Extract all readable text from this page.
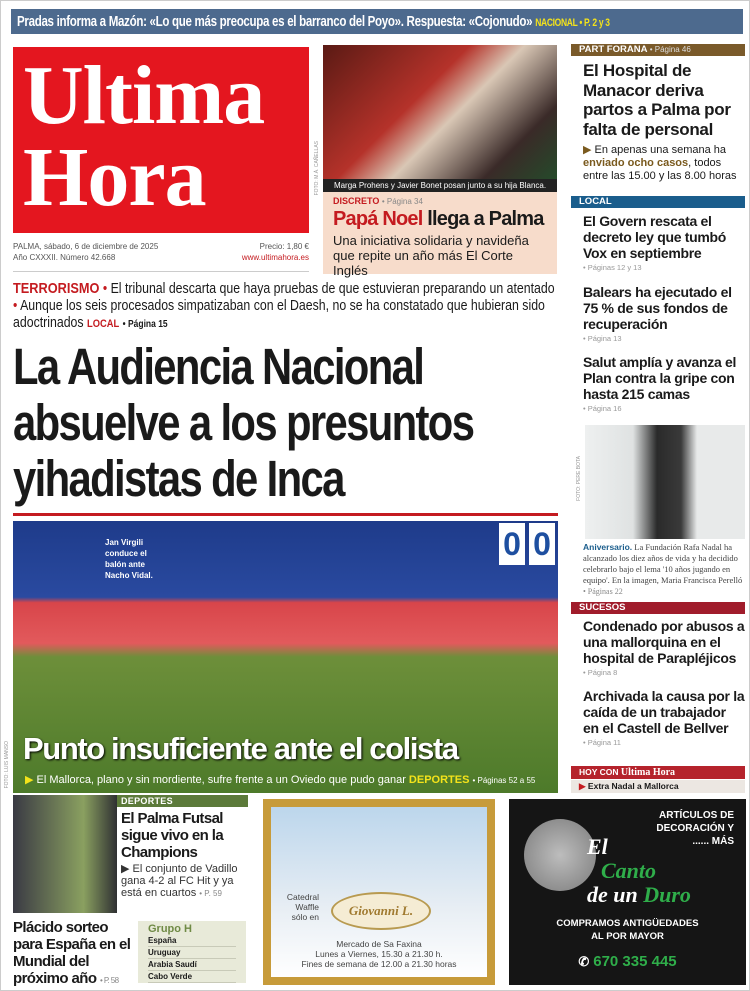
Pradas informa a Mazón: «Lo que más preocupa es el barranco del Poyo». Respuesta: «Cojonudo» NACIONAL • P. 2 y 3
Ultima
Hora
Precio: 1,80 €
PALMA, sábado, 6 de diciembre de 2025
www.ultimahora.es
Año CXXXII. Número 42.668
Marga Prohens y Javier Bonet posan junto a su hija Blanca.
FOTO: M.À. CAÑELLAS
DISCRETO • Página 34
Papá Noel llega a Palma
Una iniciativa solidaria y navideña que repite un año más El Corte Inglés
TERRORISMO • El tribunal descarta que haya pruebas de que estuvieran preparando un atentado • Aunque los seis procesados simpatizaban con el Daesh, no se ha constatado que hubieran sido adoctrinados LOCAL • Página 15
La Audiencia Nacional absuelve a los presuntos yihadistas de Inca
Jan Virgili conduce el balón ante Nacho Vidal.
0 0
Punto insuficiente ante el colista
▶ El Mallorca, plano y sin mordiente, sufre frente a un Oviedo que pudo ganar DEPORTES • Páginas 52 a 55
FOTO: LUIS MANSO
DEPORTES
El Palma Futsal sigue vivo en la Champions
▶ El conjunto de Vadillo gana 4-2 al FC Hit y ya está en cuartos • P. 59
Plácido sorteo para España en el Mundial del próximo año • P. 58
Grupo H
España
Uruguay
Arabia Saudí
Cabo Verde
Catedral
Waffle
sólo en	Giovanni L.
Mercado de Sa Faxina
Lunes a Viernes, 15.30 a 21.30 h.
Fines de semana de 12.00 a 21.30 horas
ARTÍCULOS DE
DECORACIÓN Y
...... MÁS
El
Canto
de un Duro
COMPRAMOS ANTIGÜEDADES
AL POR MAYOR
✆ 670 335 445
PART FORANA • Página 46
El Hospital de Manacor deriva partos a Palma por falta de personal
▶ En apenas una semana ha enviado ocho casos, todos entre las 15.00 y las 8.00 horas
LOCAL
El Govern rescata el decreto ley que tumbó Vox en septiembre
• Páginas 12 y 13
Balears ha ejecutado el 75 % de sus fondos de recuperación
• Página 13
Salut amplía y avanza el Plan contra la gripe con hasta 215 camas
• Página 16
FOTO: PERE BOTA
Aniversario. La Fundación Rafa Nadal ha alcanzado los diez años de vida y ha decidido celebrarlo bajo el lema '10 años jugando en equipo'. En la imagen, Maria Francisca Perelló • Páginas 22
SUCESOS
Condenado por abusos a una mallorquina en el hospital de Parapléjicos
• Página 8
Archivada la causa por la caída de un trabajador en el Castell de Bellver
• Página 11
HOY CON Ultima Hora
▶ Extra Nadal a Mallorca
